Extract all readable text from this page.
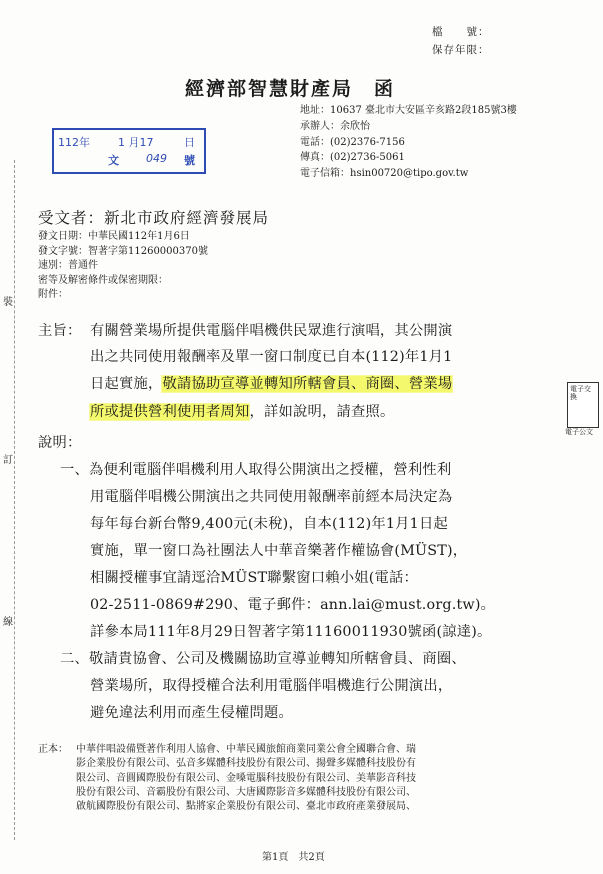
檔　　號：
保存年限：
經濟部智慧財產局　函
地址：10637 臺北市大安區辛亥路2段185號3樓
承辦人：余欣怡
電話：(02)2376-7156
傳真：(02)2736-5061
電子信箱：hsin00720@tipo.gov.tw
112年	1 月17	日
文 049 號
受文者：新北市政府經濟發展局
發文日期：中華民國112年1月6日
發文字號：智著字第11260000370號
速別：普通件
密等及解密條件或保密期限：
附件：
主旨： 有關營業場所提供電腦伴唱機供民眾進行演唱，其公開演
出之共同使用報酬率及單一窗口制度已自本(112)年1月1
日起實施，敬請協助宣導並轉知所轄會員、商圈、營業場
所或提供營利使用者周知，詳如說明，請查照。
說明：
一、為便利電腦伴唱機利用人取得公開演出之授權，營利性利
用電腦伴唱機公開演出之共同使用報酬率前經本局決定為
每年每台新台幣9,400元(未稅)，自本(112)年1月1日起
實施，單一窗口為社團法人中華音樂著作權協會(MÜST)，
相關授權事宜請逕洽MÜST聯繫窗口賴小姐(電話：
02-2511-0869#290、電子郵件：ann.lai@must.org.tw)。
詳參本局111年8月29日智著字第11160011930號函(諒達)。
二、敬請貴協會、公司及機關協助宣導並轉知所轄會員、商圈、
營業場所，取得授權合法利用電腦伴唱機進行公開演出，
避免違法利用而產生侵權問題。
正本： 中華伴唱設備暨著作利用人協會、中華民國旅館商業同業公會全國聯合會、瑞
影企業股份有限公司、弘音多媒體科技股份有限公司、揚聲多媒體科技股份有
限公司、音圓國際股份有限公司、金嗓電腦科技股份有限公司、美華影音科技
股份有限公司、音霸股份有限公司、大唐國際影音多媒體科技股份有限公司、
啟航國際股份有限公司、點將家企業股份有限公司、臺北市政府產業發展局、
裝
訂
線
電子交換
電子公文
第1頁　共2頁
